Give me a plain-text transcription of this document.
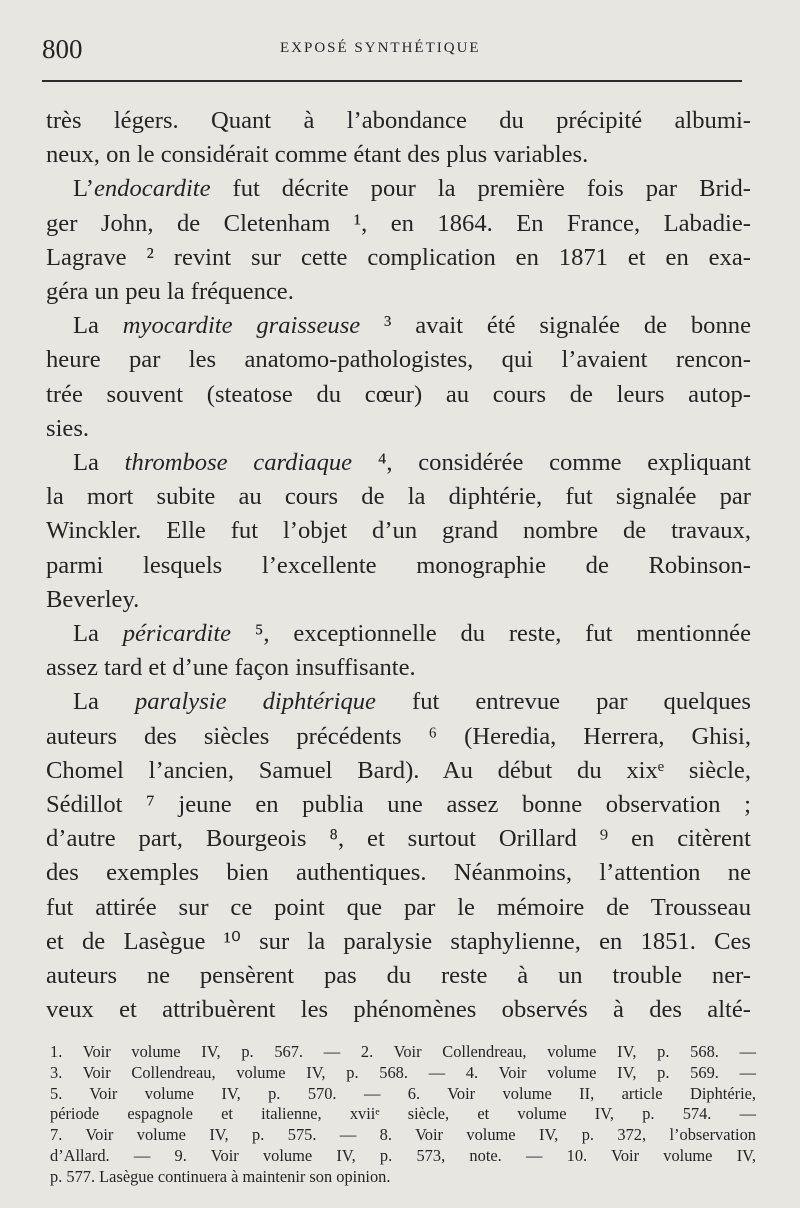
800	EXPOSÉ SYNTHÉTIQUE
très légers. Quant à l’abondance du précipité albumi-
neux, on le considérait comme étant des plus variables.
L’endocardite fut décrite pour la première fois par Brid-
ger John, de Cletenham ¹, en 1864. En France, Labadie-
Lagrave ² revint sur cette complication en 1871 et en exa-
géra un peu la fréquence.
La myocardite graisseuse ³ avait été signalée de bonne
heure par les anatomo-pathologistes, qui l’avaient rencon-
trée souvent (steatose du cœur) au cours de leurs autop-
sies.
La thrombose cardiaque ⁴, considérée comme expliquant
la mort subite au cours de la diphtérie, fut signalée par
Winckler. Elle fut l’objet d’un grand nombre de travaux,
parmi lesquels l’excellente monographie de Robinson-
Beverley.
La péricardite ⁵, exceptionnelle du reste, fut mentionnée
assez tard et d’une façon insuffisante.
La paralysie diphtérique fut entrevue par quelques
auteurs des siècles précédents ⁶ (Heredia, Herrera, Ghisi,
Chomel l’ancien, Samuel Bard). Au début du xixᵉ siècle,
Sédillot ⁷ jeune en publia une assez bonne observation ;
d’autre part, Bourgeois ⁸, et surtout Orillard ⁹ en citèrent
des exemples bien authentiques. Néanmoins, l’attention ne
fut attirée sur ce point que par le mémoire de Trousseau
et de Lasègue ¹⁰ sur la paralysie staphylienne, en 1851. Ces
auteurs ne pensèrent pas du reste à un trouble ner-
veux et attribuèrent les phénomènes observés à des alté-
1. Voir volume IV, p. 567. — 2. Voir Collendreau, volume IV, p. 568. —
3. Voir Collendreau, volume IV, p. 568. — 4. Voir volume IV, p. 569. —
5. Voir volume IV, p. 570. — 6. Voir volume II, article Diphtérie,
période espagnole et italienne, xviiᵉ siècle, et volume IV, p. 574. —
7. Voir volume IV, p. 575. — 8. Voir volume IV, p. 372, l’observation
d’Allard. — 9. Voir volume IV, p. 573, note. — 10. Voir volume IV,
p. 577. Lasègue continuera à maintenir son opinion.
